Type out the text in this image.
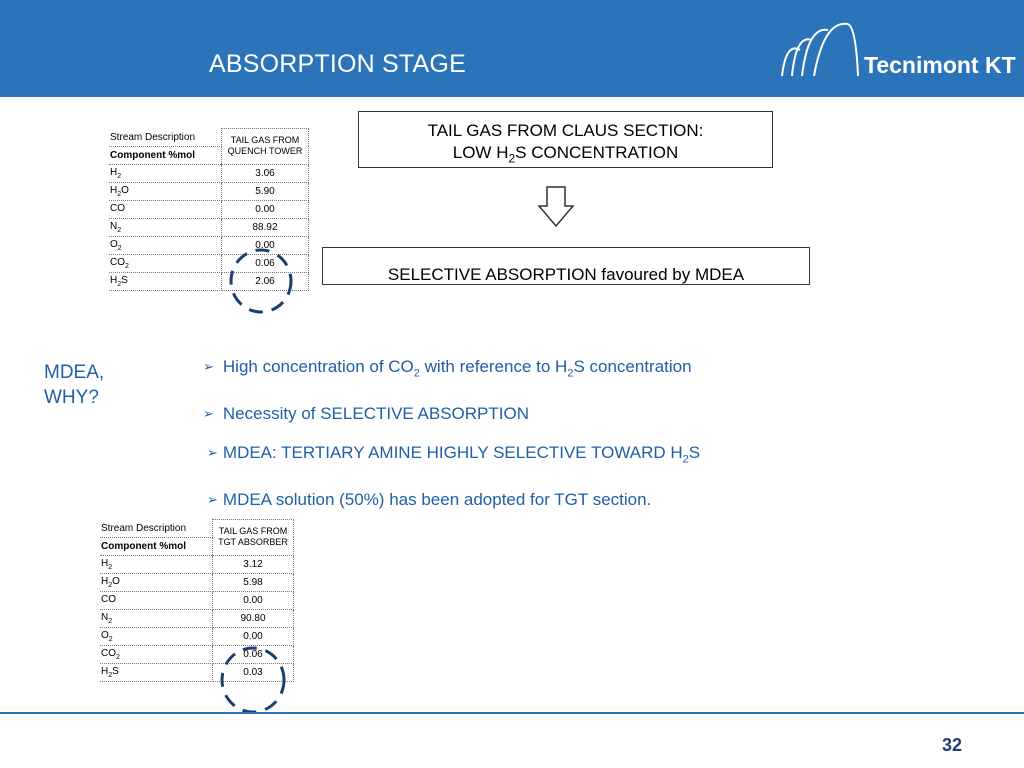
ABSORPTION STAGE	Tecnimont KT
Stream Description	TAIL GAS FROM
QUENCH TOWER
Component %mol	
$H_2$	3.06
$H_2O$	5.90
CO	0.00
$N_2$	88.92
$O_2$	0.00
$CO_2$	0.06
$H_2S$	2.06
Stream Description	TAIL GAS FROM
TGT ABSORBER
Component %mol	
$H_2$	3.12
$H_2O$	5.98
CO	0.00
$N_2$	90.80
$O_2$	0.00
$CO_2$	0.06
$H_2S$	0.03
TAIL GAS FROM CLAUS SECTION:
LOW $H_2S$ CONCENTRATION
SELECTIVE ABSORPTION favoured by MDEA
MDEA,
WHY?
➢ High concentration of $CO_2$ with reference to $H_2S$ concentration
➢ Necessity of SELECTIVE ABSORPTION
➢ MDEA: TERTIARY AMINE HIGHLY SELECTIVE TOWARD $H_2S$
➢ MDEA solution (50%) has been adopted for TGT section.
32
